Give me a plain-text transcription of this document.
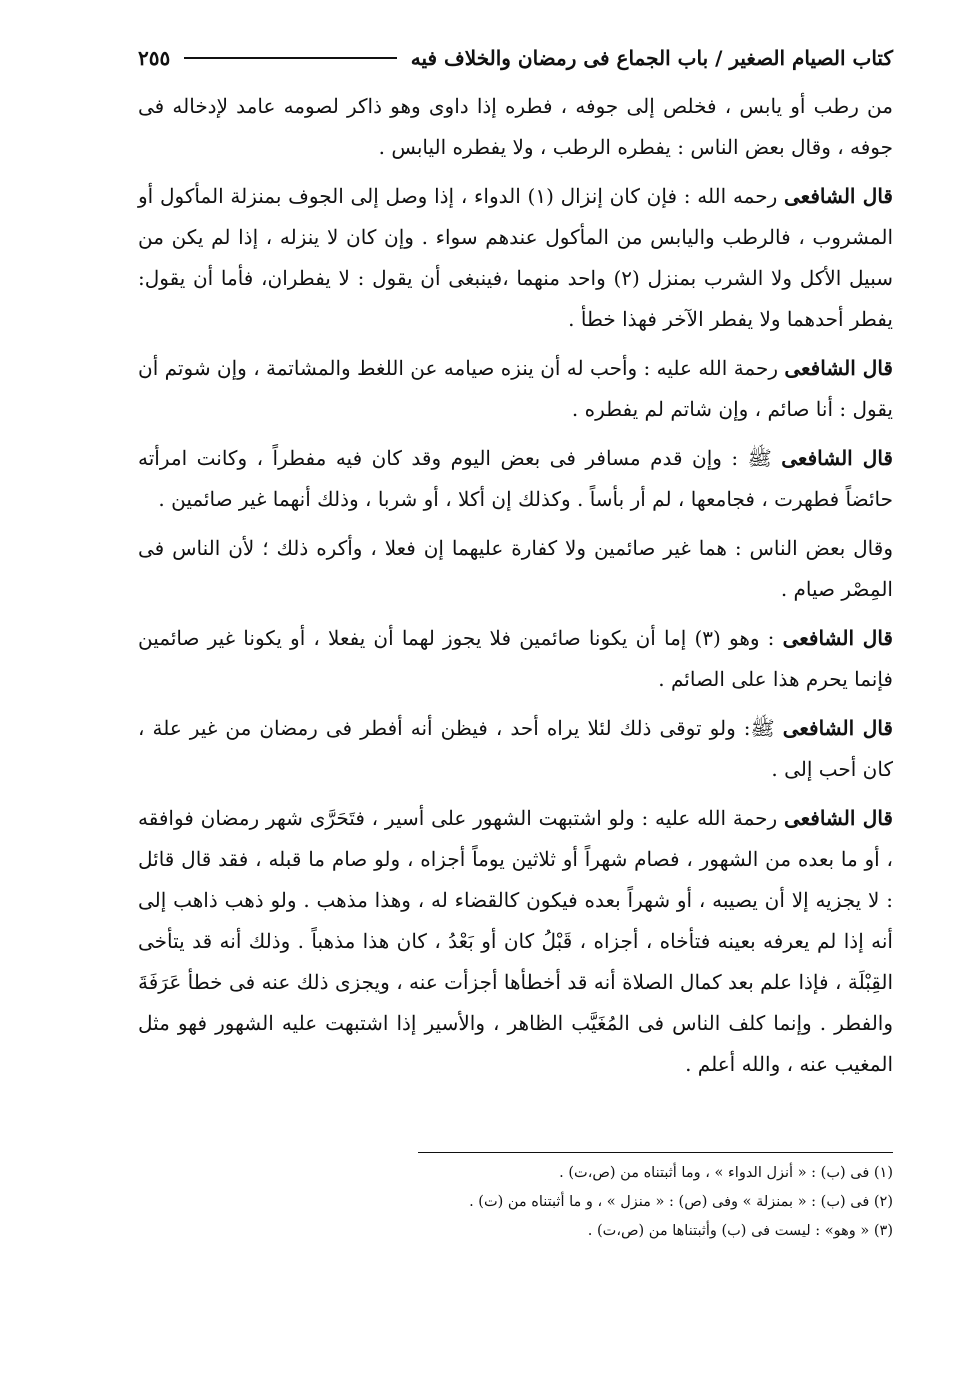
كتاب الصيام الصغير / باب الجماع فى رمضان والخلاف فيه
٢٥٥

من رطب أو يابس ، فخلص إلى جوفه ، فطره إذا داوى وهو ذاكر لصومه عامد لإدخاله فى جوفه ، وقال بعض الناس : يفطره الرطب ، ولا يفطره اليابس .

قال الشافعى رحمه الله : فإن كان إنزال (١) الدواء ، إذا وصل إلى الجوف بمنزلة المأكول أو المشروب ، فالرطب واليابس من المأكول عندهم سواء . وإن كان لا ينزله ، إذا لم يكن من سبيل الأكل ولا الشرب بمنزل (٢) واحد منهما ،فينبغى أن يقول : لا يفطران، فأما أن يقول: يفطر أحدهما ولا يفطر الآخر فهذا خطأ .

قال الشافعى رحمة الله عليه : وأحب له أن ينزه صيامه عن اللغط والمشاتمة ، وإن شوتم أن يقول : أنا صائم ، وإن شاتم لم يفطره .

قال الشافعى ﷺ : وإن قدم مسافر فى بعض اليوم وقد كان فيه مفطراً ، وكانت امرأته حائضاً فطهرت ، فجامعها ، لم أر بأساً . وكذلك إن أكلا ، أو شربا ، وذلك أنهما غير صائمين .

وقال بعض الناس : هما غير صائمين ولا كفارة عليهما إن فعلا ، وأكره ذلك ؛ لأن الناس فى المِصْر صيام .

قال الشافعى : وهو (٣) إما أن يكونا صائمين فلا يجوز لهما أن يفعلا ، أو يكونا غير صائمين فإنما يحرم هذا على الصائم .

قال الشافعى ﷺ: ولو توقى ذلك لئلا يراه أحد ، فيظن أنه أفطر فى رمضان من غير علة ، كان أحب إلى .

قال الشافعى رحمة الله عليه : ولو اشتبهت الشهور على أسير ، فتَحَرَّى شهر رمضان فوافقه ، أو ما بعده من الشهور ، فصام شهراً أو ثلاثين يوماً أجزاه ، ولو صام ما قبله ، فقد قال قائل : لا يجزيه إلا أن يصيبه ، أو شهراً بعده فيكون كالقضاء له ، وهذا مذهب . ولو ذهب ذاهب إلى أنه إذا لم يعرفه بعينه فتأخاه ، أجزاه ، قَبْلُ كان أو بَعْدُ ، كان هذا مذهباً . وذلك أنه قد يتأخى القِبْلَة ، فإذا علم بعد كمال الصلاة أنه قد أخطأها أجزأت عنه ، ويجزى ذلك عنه فى خطأ عَرَفَةَ والفطر . وإنما كلف الناس فى المُغَيَّب الظاهر ، والأسير إذا اشتبهت عليه الشهور فهو مثل المغيب عنه ، والله أعلم .

(١) فى (ب) : « أنزل الدواء » ، وما أثبتناه من (ص،ت) .
(٢) فى (ب) : « بمنزلة » وفى (ص) : « منزل » ، و ما أثبتناه من (ت) .
(٣) « وهو» : ليست فى (ب) وأثبتناها من (ص،ت) .
